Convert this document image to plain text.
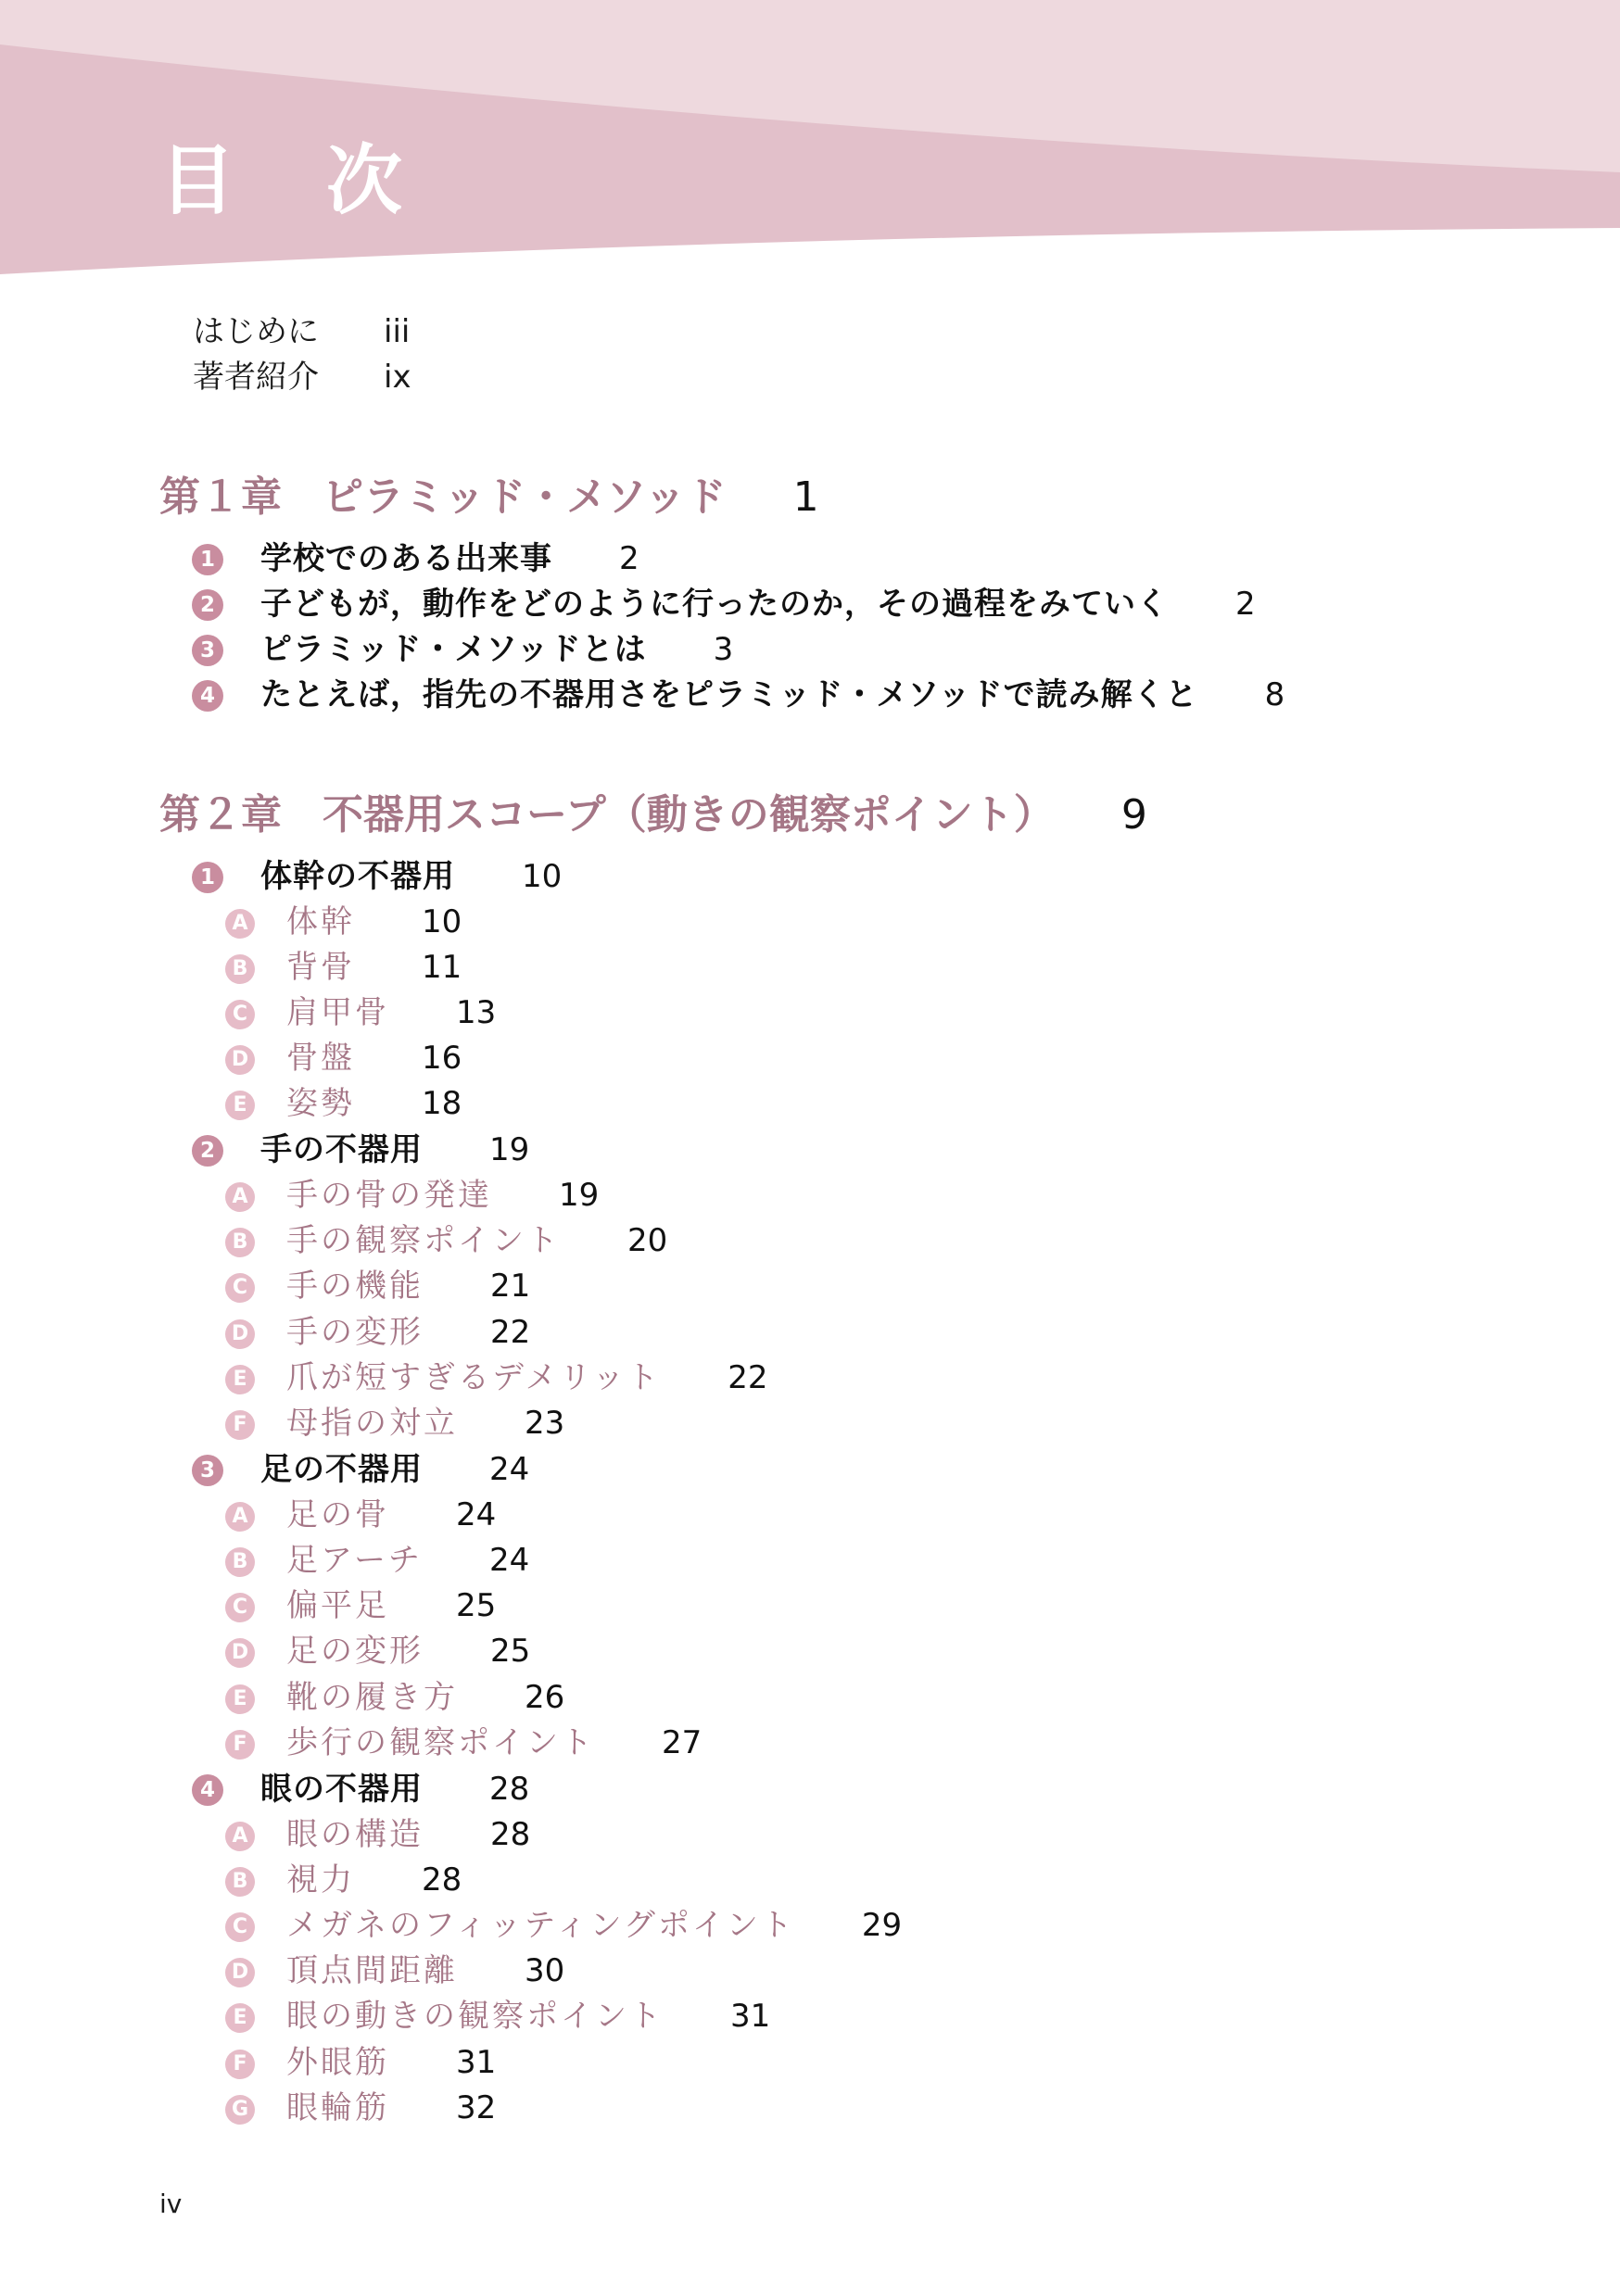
目　次
はじめに iii
著者紹介 ix
第１章　ピラミッド・メソッド 1
1 学校でのある出来事 2
2 子どもが，動作をどのように行ったのか，その過程をみていく 2
3 ピラミッド・メソッドとは 3
4 たとえば，指先の不器用さをピラミッド・メソッドで読み解くと 8
第２章　不器用スコープ（動きの観察ポイント） 9
1 体幹の不器用 10
A 体幹 10
B 背骨 11
C 肩甲骨 13
D 骨盤 16
E 姿勢 18
2 手の不器用 19
A 手の骨の発達 19
B 手の観察ポイント 20
C 手の機能 21
D 手の変形 22
E 爪が短すぎるデメリット 22
F 母指の対立 23
3 足の不器用 24
A 足の骨 24
B 足アーチ 24
C 偏平足 25
D 足の変形 25
E 靴の履き方 26
F 歩行の観察ポイント 27
4 眼の不器用 28
A 眼の構造 28
B 視力 28
C メガネのフィッティングポイント 29
D 頂点間距離 30
E 眼の動きの観察ポイント 31
F 外眼筋 31
G 眼輪筋 32
iv
